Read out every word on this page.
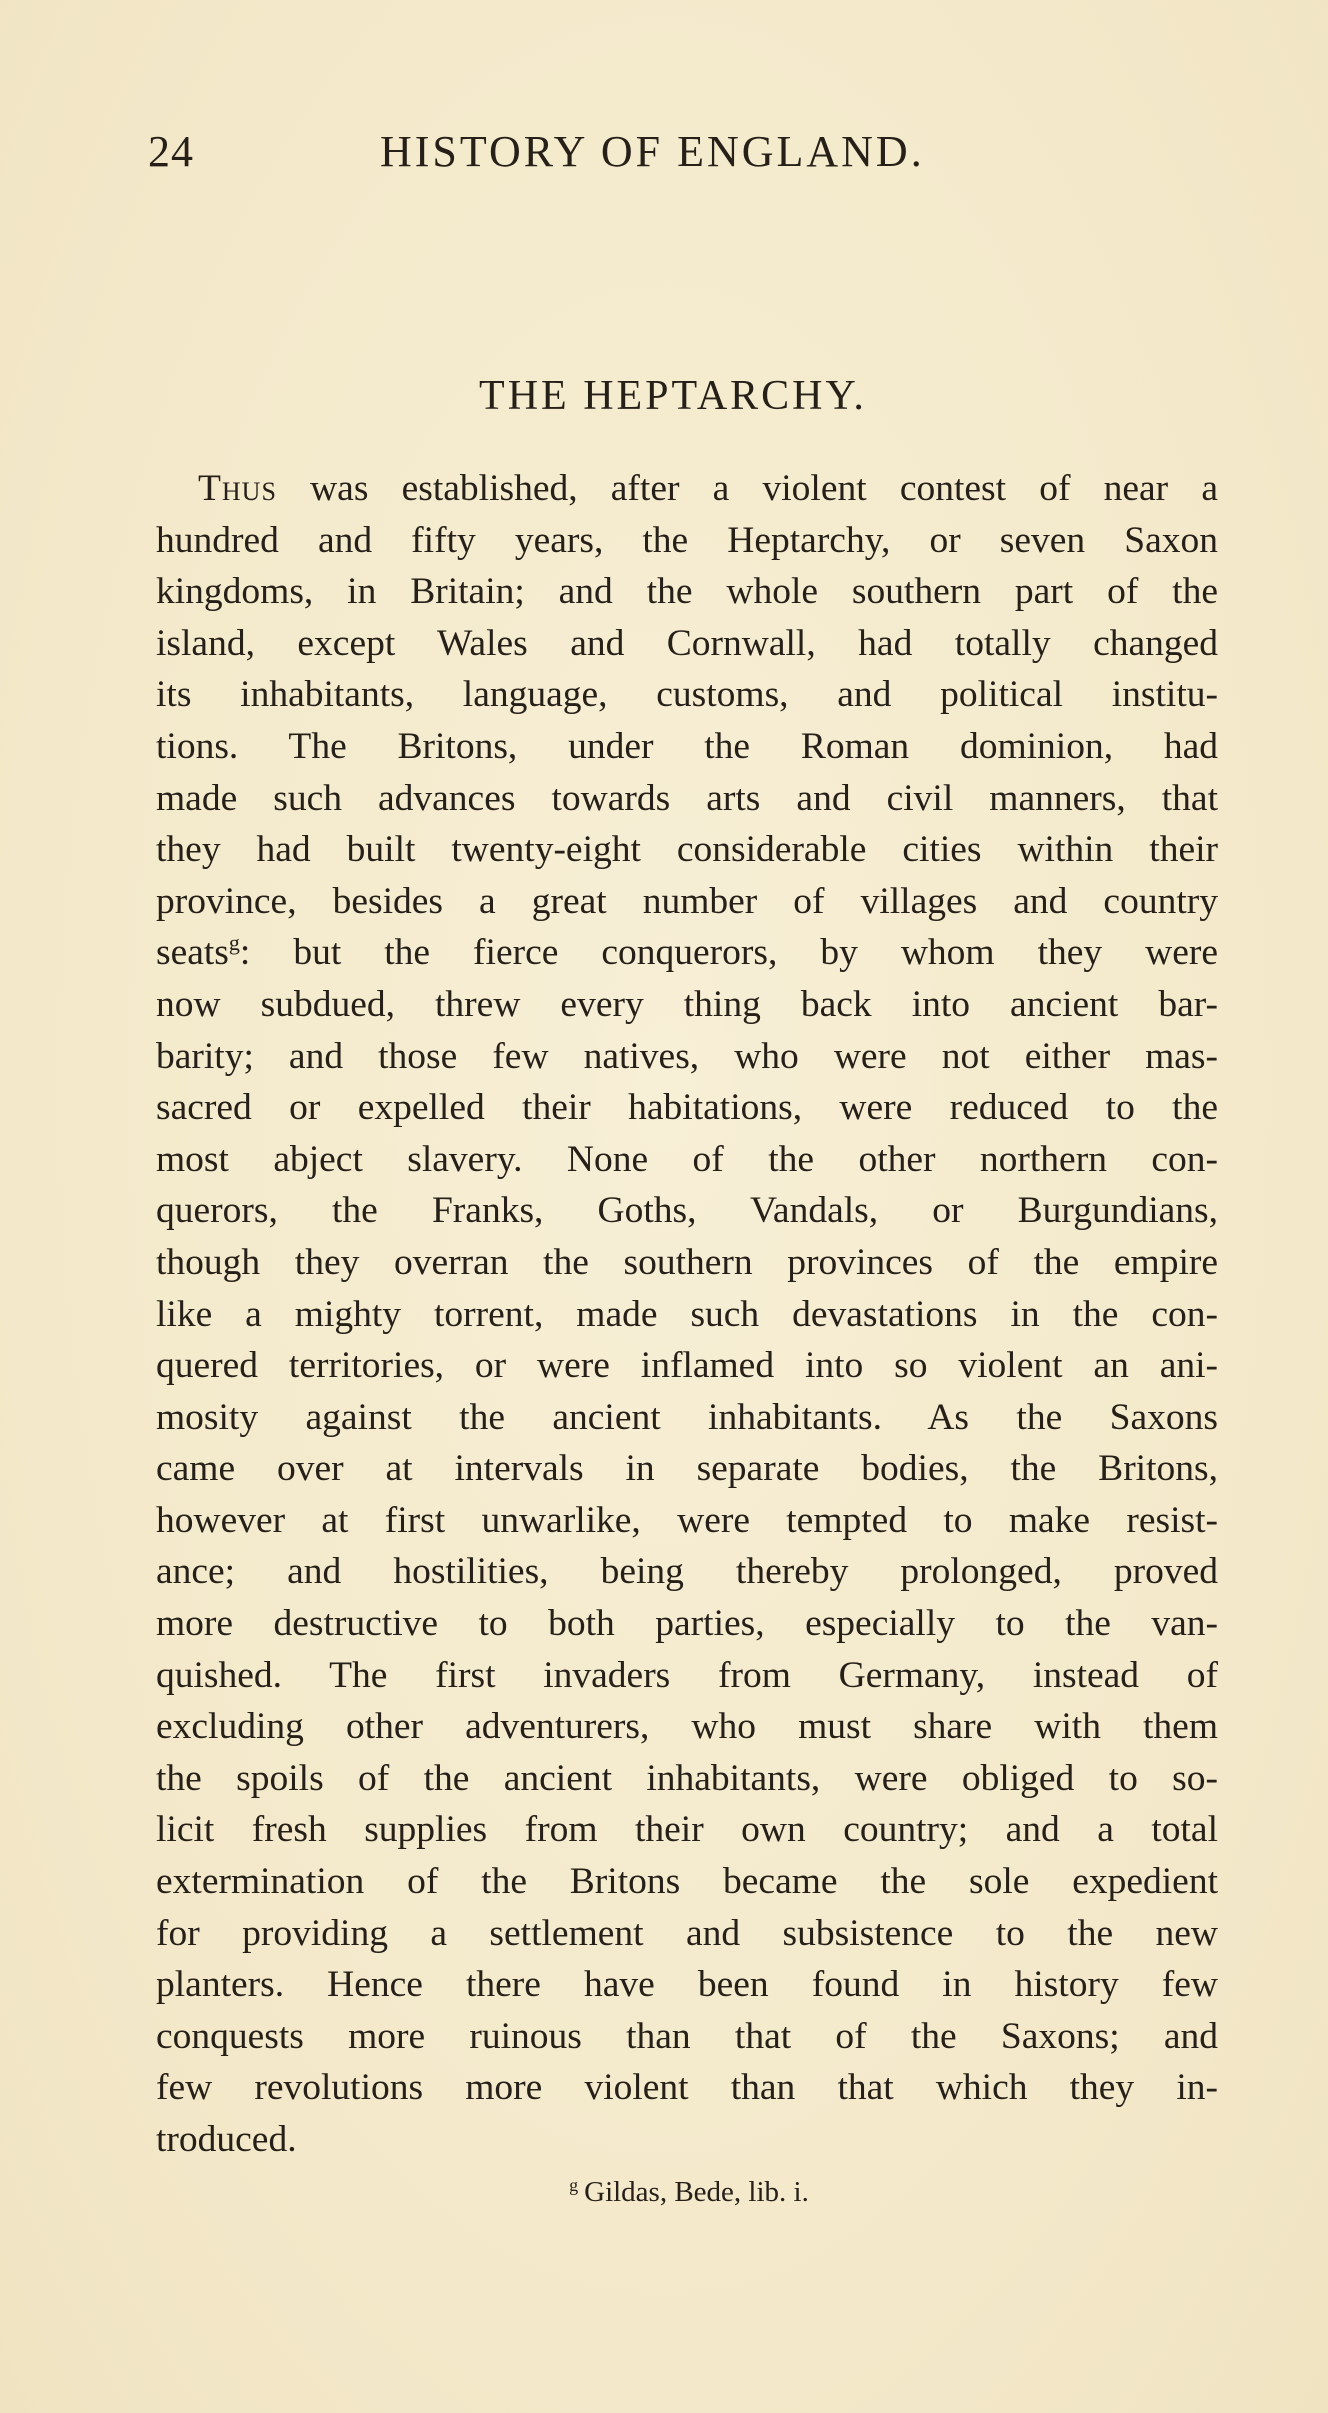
24	HISTORY OF ENGLAND.
THE HEPTARCHY.
Thus was established, after a violent contest of near a
hundred and fifty years, the Heptarchy, or seven Saxon
kingdoms, in Britain; and the whole southern part of the
island, except Wales and Cornwall, had totally changed
its inhabitants, language, customs, and political institu-
tions. The Britons, under the Roman dominion, had
made such advances towards arts and civil manners, that
they had built twenty-eight considerable cities within their
province, besides a great number of villages and country
seats$^g$: but the fierce conquerors, by whom they were
now subdued, threw every thing back into ancient bar-
barity; and those few natives, who were not either mas-
sacred or expelled their habitations, were reduced to the
most abject slavery. None of the other northern con-
querors, the Franks, Goths, Vandals, or Burgundians,
though they overran the southern provinces of the empire
like a mighty torrent, made such devastations in the con-
quered territories, or were inflamed into so violent an ani-
mosity against the ancient inhabitants. As the Saxons
came over at intervals in separate bodies, the Britons,
however at first unwarlike, were tempted to make resist-
ance; and hostilities, being thereby prolonged, proved
more destructive to both parties, especially to the van-
quished. The first invaders from Germany, instead of
excluding other adventurers, who must share with them
the spoils of the ancient inhabitants, were obliged to so-
licit fresh supplies from their own country; and a total
extermination of the Britons became the sole expedient
for providing a settlement and subsistence to the new
planters. Hence there have been found in history few
conquests more ruinous than that of the Saxons; and
few revolutions more violent than that which they in-
troduced.
$^g$ Gildas, Bede, lib. i.
